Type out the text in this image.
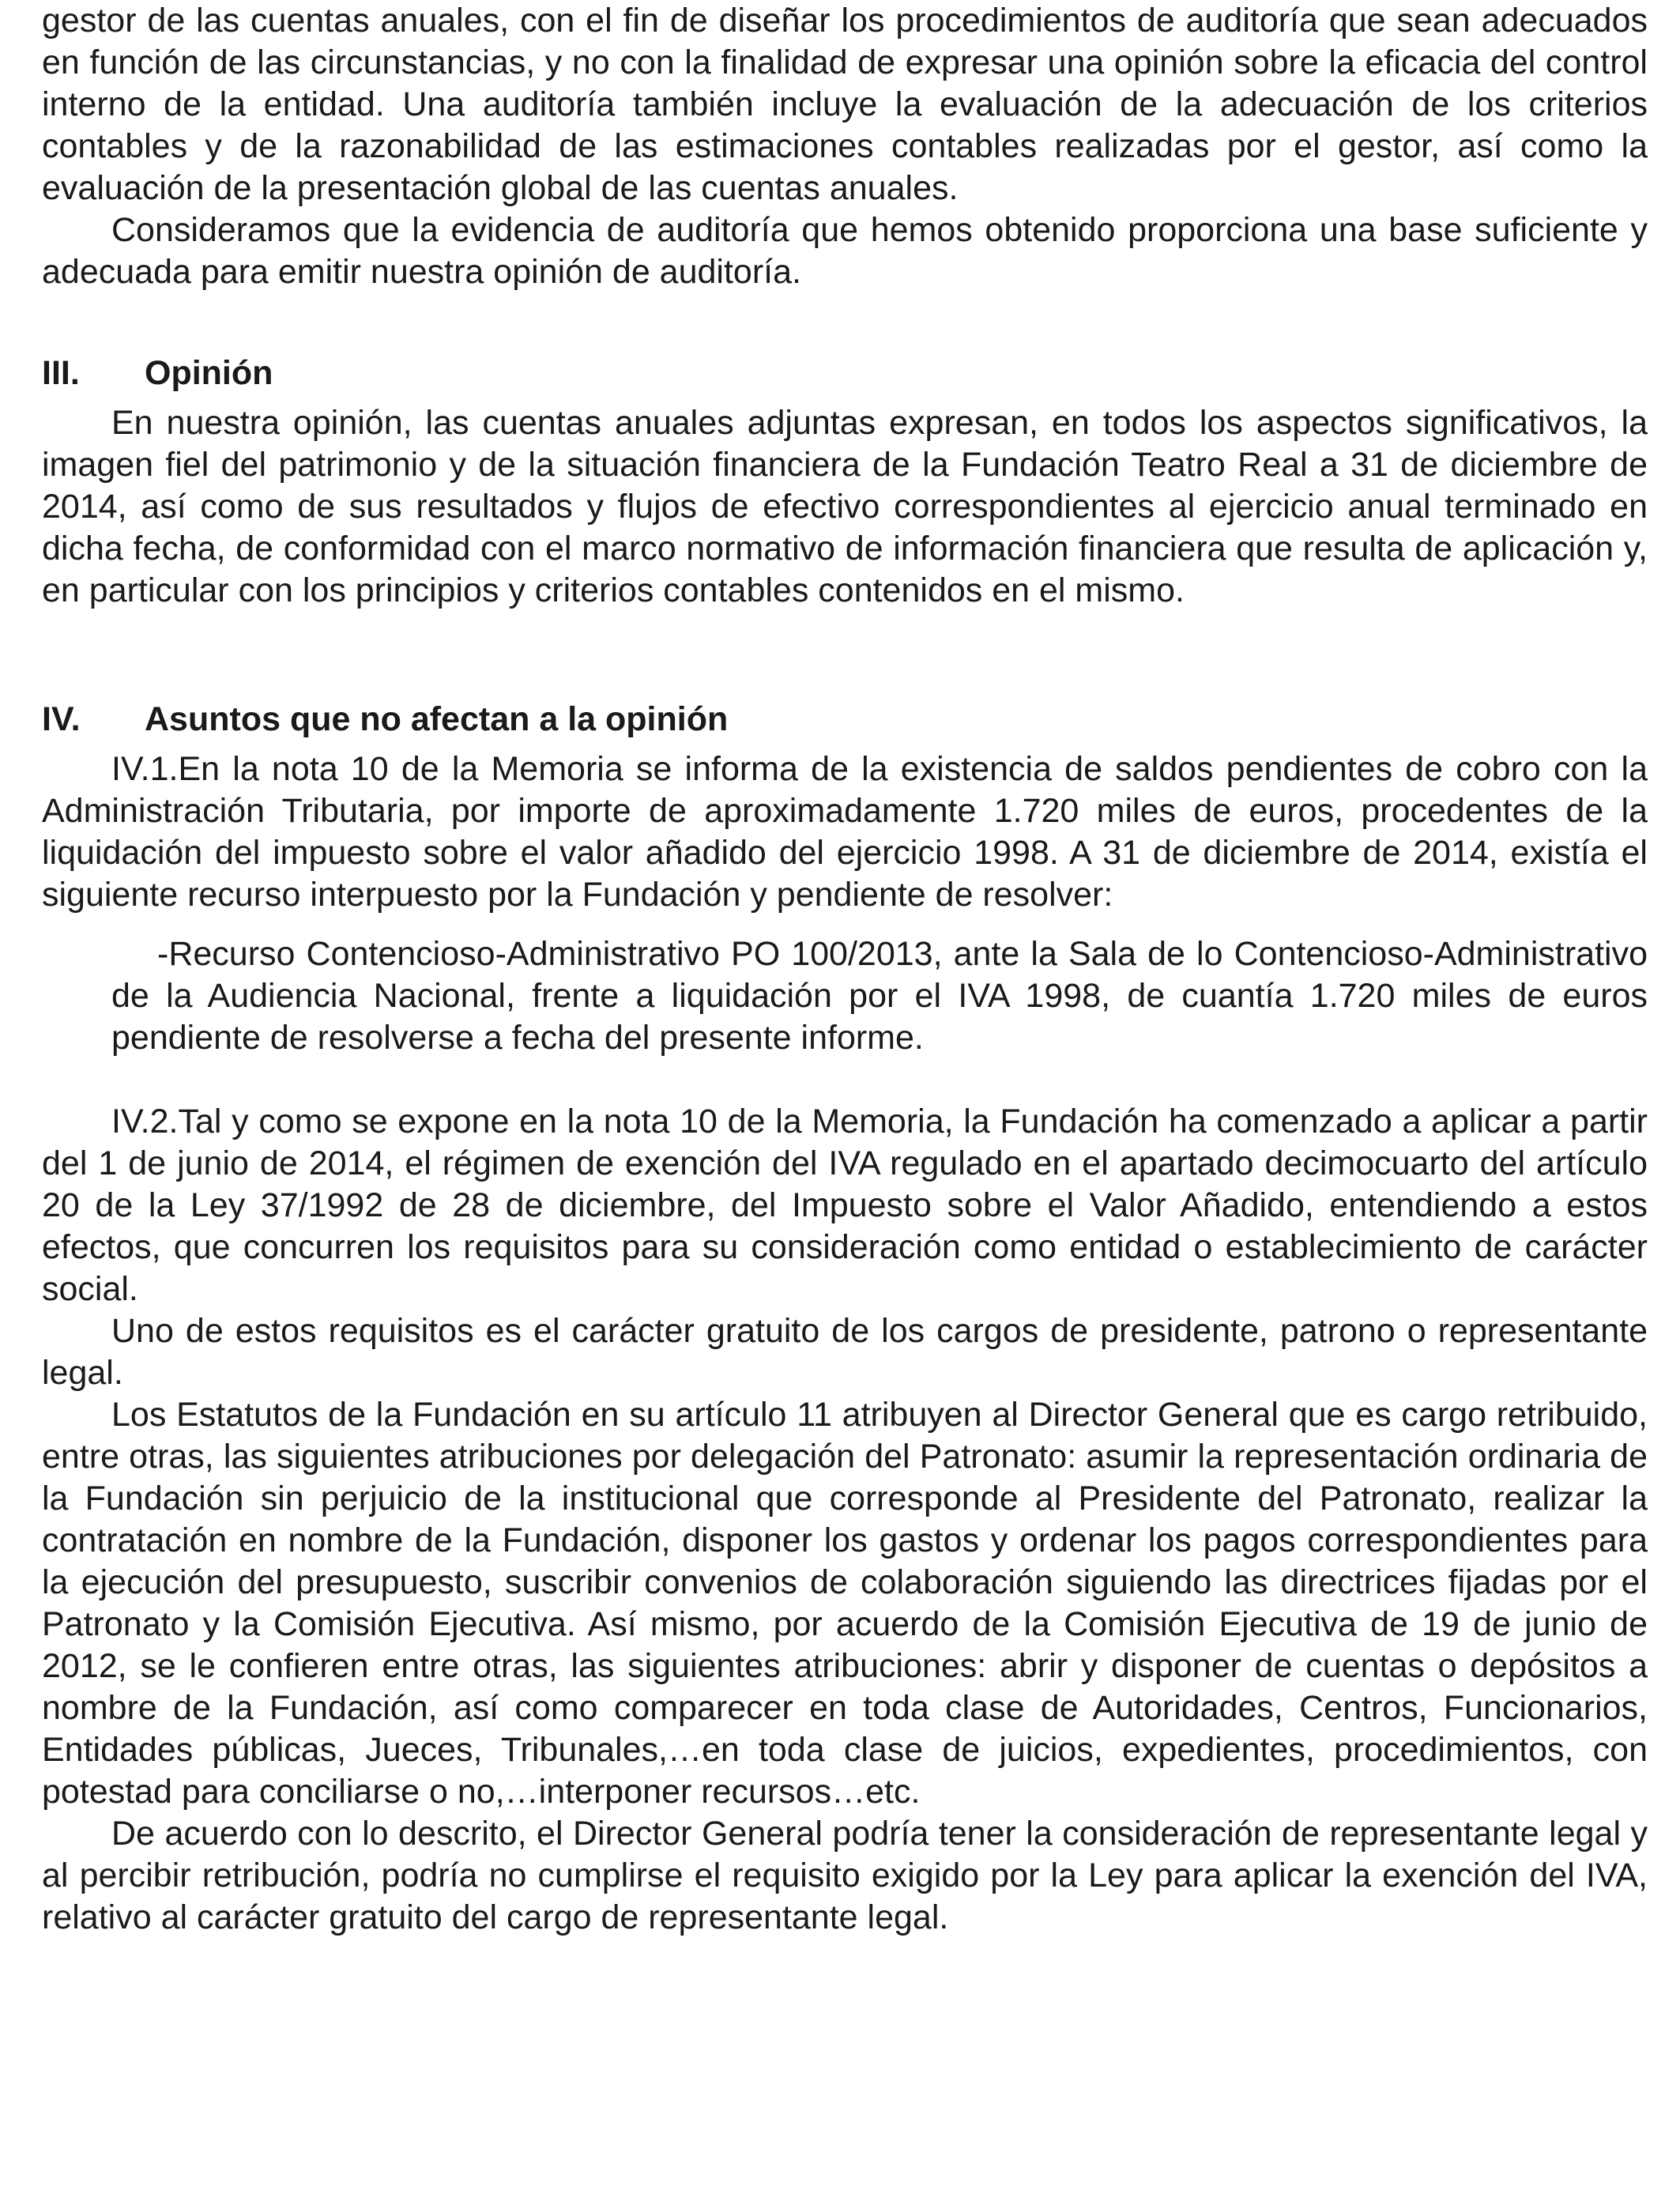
gestor de las cuentas anuales, con el fin de diseñar los procedimientos de auditoría que sean adecuados en función de las circunstancias, y no con la finalidad de expresar una opinión sobre la eficacia del control interno de la entidad. Una auditoría también incluye la evaluación de la adecuación de los criterios contables y de la razonabilidad de las estimaciones contables realizadas por el gestor, así como la evaluación de la presentación global de las cuentas anuales.

Consideramos que la evidencia de auditoría que hemos obtenido proporciona una base suficiente y adecuada para emitir nuestra opinión de auditoría.

III.	Opinión

En nuestra opinión, las cuentas anuales adjuntas expresan, en todos los aspectos significativos, la imagen fiel del patrimonio y de la situación financiera de la Fundación Teatro Real a 31 de diciembre de 2014, así como de sus resultados y flujos de efectivo correspondientes al ejercicio anual terminado en dicha fecha, de conformidad con el marco normativo de información financiera que resulta de aplicación y, en particular con los principios y criterios contables contenidos en el mismo.

IV.	Asuntos que no afectan a la opinión

IV.1.En la nota 10 de la Memoria se informa de la existencia de saldos pendientes de cobro con la Administración Tributaria, por importe de aproximadamente 1.720 miles de euros, procedentes de la liquidación del impuesto sobre el valor añadido del ejercicio 1998. A 31 de diciembre de 2014, existía el siguiente recurso interpuesto por la Fundación y pendiente de resolver:

-Recurso Contencioso-Administrativo PO 100/2013, ante la Sala de lo Contencioso-Administrativo de la Audiencia Nacional, frente a liquidación por el IVA 1998, de cuantía 1.720 miles de euros pendiente de resolverse a fecha del presente informe.

IV.2.Tal y como se expone en la nota 10 de la Memoria, la Fundación ha comenzado a aplicar a partir del 1 de junio de 2014, el régimen de exención del IVA regulado en el apartado decimocuarto del artículo 20 de la Ley 37/1992 de 28 de diciembre, del Impuesto sobre el Valor Añadido, entendiendo a estos efectos, que concurren los requisitos para su consideración como entidad o establecimiento de carácter social.

Uno de estos requisitos es el carácter gratuito de los cargos de presidente, patrono o representante legal.

Los Estatutos de la Fundación en su artículo 11 atribuyen al Director General que es cargo retribuido, entre otras, las siguientes atribuciones por delegación del Patronato: asumir la representación ordinaria de la Fundación sin perjuicio de la institucional que corresponde al Presidente del Patronato, realizar la contratación en nombre de la Fundación, disponer los gastos y ordenar los pagos correspondientes para la ejecución del presupuesto, suscribir convenios de colaboración siguiendo las directrices fijadas por el Patronato y la Comisión Ejecutiva. Así mismo, por acuerdo de la Comisión Ejecutiva de 19 de junio de 2012, se le confieren entre otras, las siguientes atribuciones: abrir y disponer de cuentas o depósitos a nombre de la Fundación, así como comparecer en toda clase de Autoridades, Centros, Funcionarios, Entidades públicas, Jueces, Tribunales,…en toda clase de juicios, expedientes, procedimientos, con potestad para conciliarse o no,…interponer recursos…etc.

De acuerdo con lo descrito, el Director General podría tener la consideración de representante legal y al percibir retribución, podría no cumplirse el requisito exigido por la Ley para aplicar la exención del IVA, relativo al carácter gratuito del cargo de representante legal.
